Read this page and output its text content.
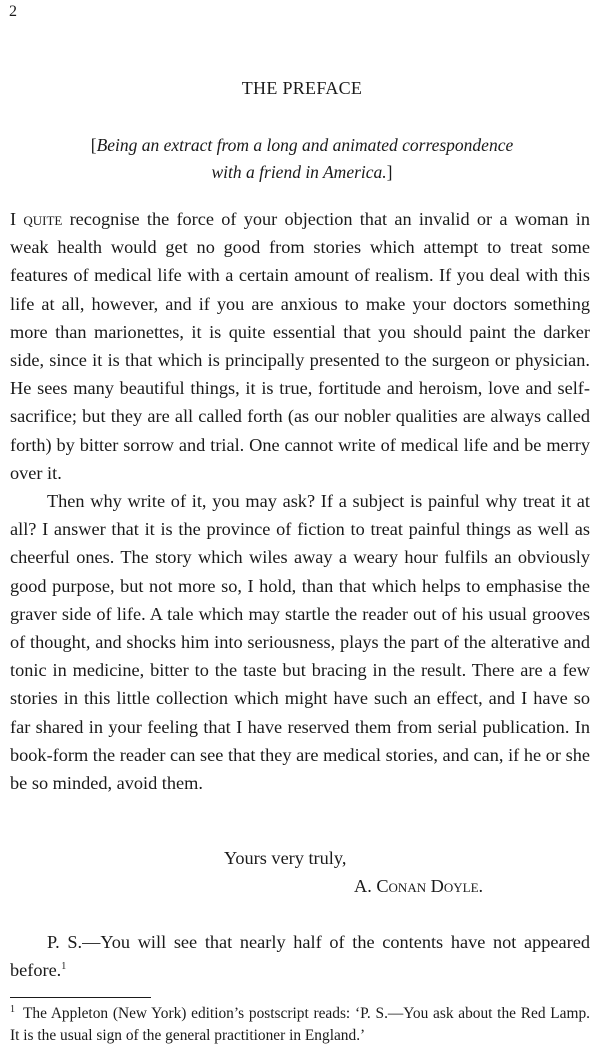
2
THE PREFACE
[Being an extract from a long and animated correspondence
with a friend in America.]

I quite recognise the force of your objection that an invalid or a woman in weak health would get no good from stories which attempt to treat some features of medical life with a certain amount of realism. If you deal with this life at all, however, and if you are anxious to make your doctors something more than marionettes, it is quite essential that you should paint the darker side, since it is that which is principally presented to the surgeon or physician. He sees many beautiful things, it is true, fortitude and heroism, love and self-sacrifice; but they are all called forth (as our nobler qualities are always called forth) by bitter sorrow and trial. One cannot write of medical life and be merry over it.

Then why write of it, you may ask? If a subject is painful why treat it at all? I answer that it is the province of fiction to treat painful things as well as cheerful ones. The story which wiles away a weary hour fulfils an obviously good purpose, but not more so, I hold, than that which helps to emphasise the graver side of life. A tale which may startle the reader out of his usual grooves of thought, and shocks him into seriousness, plays the part of the alterative and tonic in medicine, bitter to the taste but bracing in the result. There are a few stories in this little collection which might have such an effect, and I have so far shared in your feeling that I have reserved them from serial publication. In book-form the reader can see that they are medical stories, and can, if he or she be so minded, avoid them.

Yours very truly,
A. Conan Doyle.
P. S.—You will see that nearly half of the contents have not appeared before.$^1$
$^1$ The Appleton (New York) edition’s postscript reads: ‘P. S.—You ask about the Red Lamp. It is the usual sign of the general practitioner in England.’
